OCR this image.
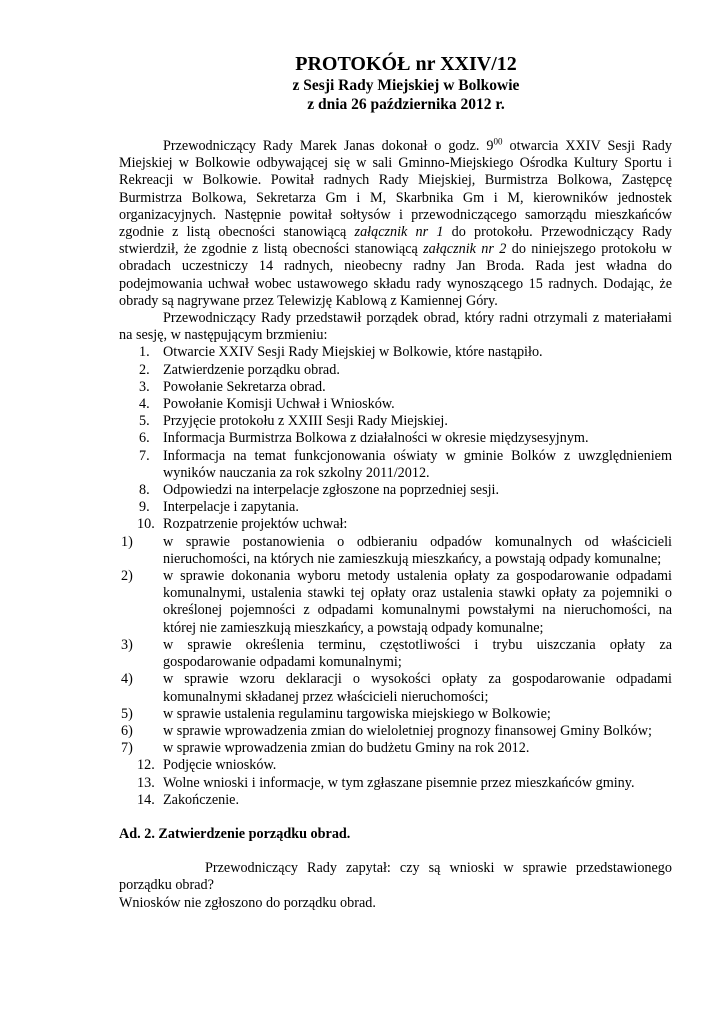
PROTOKÓŁ nr XXIV/12

z Sesji Rady Miejskiej w Bolkowie

z dnia 26 października 2012 r.

Przewodniczący Rady Marek Janas dokonał o godz. $9^{00}$ otwarcia XXIV Sesji Rady Miejskiej w Bolkowie odbywającej się w sali Gminno-Miejskiego Ośrodka Kultury Sportu i Rekreacji w Bolkowie. Powitał radnych Rady Miejskiej, Burmistrza Bolkowa, Zastępcę Burmistrza Bolkowa, Sekretarza Gm i M, Skarbnika Gm i M, kierowników jednostek organizacyjnych. Następnie powitał sołtysów i przewodniczącego samorządu mieszkańców zgodnie z listą obecności stanowiącą załącznik nr 1 do protokołu. Przewodniczący Rady stwierdził, że zgodnie z listą obecności stanowiącą załącznik nr 2 do niniejszego protokołu w obradach uczestniczy 14 radnych, nieobecny radny Jan Broda. Rada jest władna do podejmowania uchwał wobec ustawowego składu rady wynoszącego 15 radnych. Dodając, że obrady są nagrywane przez Telewizję Kablową z Kamiennej Góry.

Przewodniczący Rady przedstawił porządek obrad, który radni otrzymali z materiałami na sesję, w następującym brzmieniu:

1. Otwarcie XXIV Sesji Rady Miejskiej w Bolkowie, które nastąpiło.
2. Zatwierdzenie porządku obrad.
3. Powołanie Sekretarza obrad.
4. Powołanie Komisji Uchwał i Wniosków.
5. Przyjęcie protokołu z XXIII Sesji Rady Miejskiej.
6. Informacja Burmistrza Bolkowa z działalności w okresie międzysesyjnym.
7. Informacja na temat funkcjonowania oświaty w gminie Bolków z uwzględnieniem wyników nauczania za rok szkolny 2011/2012.
8. Odpowiedzi na interpelacje zgłoszone na poprzedniej sesji.
9. Interpelacje i zapytania.
10. Rozpatrzenie projektów uchwał:
1)	w sprawie postanowienia o odbieraniu odpadów komunalnych od właścicieli nieruchomości, na których nie zamieszkują mieszkańcy, a powstają odpady komunalne;
2)	w sprawie dokonania wyboru metody ustalenia opłaty za gospodarowanie odpadami komunalnymi, ustalenia stawki tej opłaty oraz ustalenia stawki opłaty za pojemniki o określonej pojemności z odpadami komunalnymi powstałymi na nieruchomości, na której nie zamieszkują mieszkańcy, a powstają odpady komunalne;
3)	w sprawie określenia terminu, częstotliwości i trybu uiszczania opłaty za gospodarowanie odpadami komunalnymi;
4)	w sprawie wzoru deklaracji o wysokości opłaty za gospodarowanie odpadami komunalnymi składanej przez właścicieli nieruchomości;
5)	w sprawie ustalenia regulaminu targowiska miejskiego w Bolkowie;
6)	w sprawie wprowadzenia zmian do wieloletniej prognozy finansowej Gminy Bolków;
7)	w sprawie wprowadzenia zmian do budżetu Gminy na rok 2012.
12. Podjęcie wniosków.
13. Wolne wnioski i informacje, w tym zgłaszane pisemnie przez mieszkańców gminy.
14. Zakończenie.

Ad. 2. Zatwierdzenie porządku obrad.

Przewodniczący Rady zapytał: czy są wnioski w sprawie przedstawionego porządku obrad?

Wniosków nie zgłoszono do porządku obrad.
